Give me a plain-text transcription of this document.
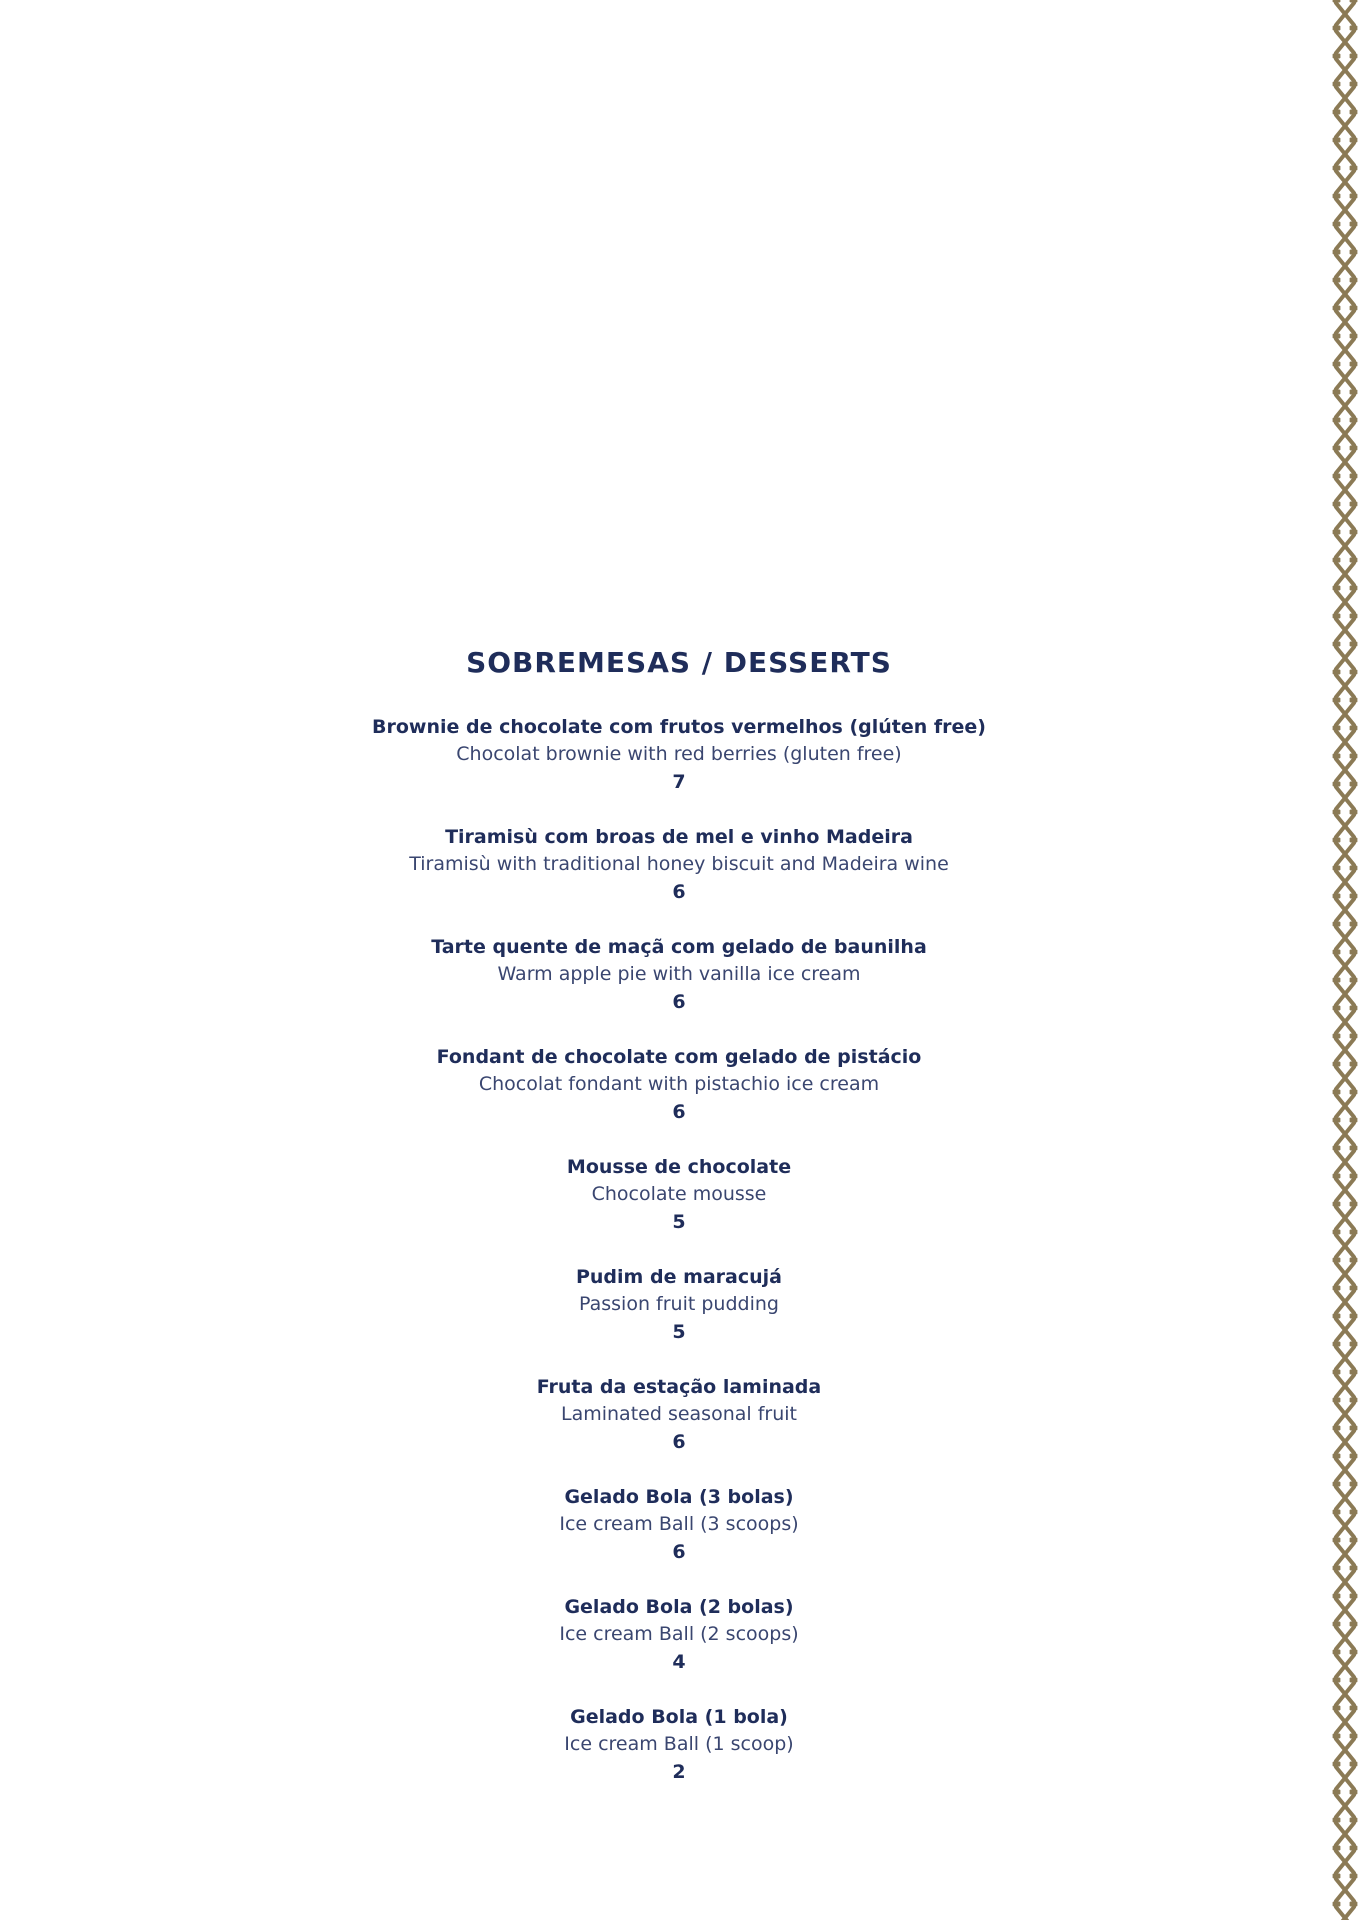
SOBREMESAS / DESSERTS
Brownie de chocolate com frutos vermelhos (glúten free)
Chocolat brownie with red berries (gluten free)
7
Tiramisù com broas de mel e vinho Madeira
Tiramisù with traditional honey biscuit and Madeira wine
6
Tarte quente de maçã com gelado de baunilha
Warm apple pie with vanilla ice cream
6
Fondant de chocolate com gelado de pistácio
Chocolat fondant with pistachio ice cream
6
Mousse de chocolate
Chocolate mousse
5
Pudim de maracujá
Passion fruit pudding
5
Fruta da estação laminada
Laminated seasonal fruit
6
Gelado Bola (3 bolas)
Ice cream Ball (3 scoops)
6
Gelado Bola (2 bolas)
Ice cream Ball (2 scoops)
4
Gelado Bola (1 bola)
Ice cream Ball (1 scoop)
2
